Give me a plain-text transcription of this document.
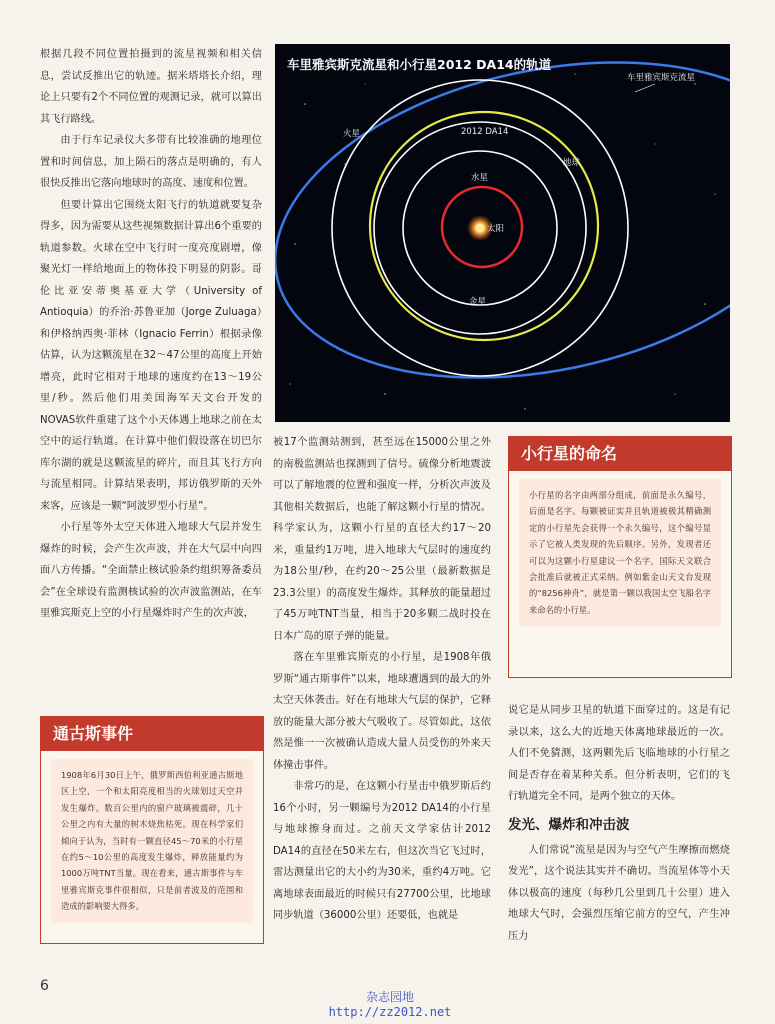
根据几段不同位置拍摄到的流星视频和相关信息，尝试反推出它的轨迹。据米塔塔长介绍，理论上只要有2个不同位置的观测记录，就可以算出其飞行路线。

由于行车记录仪大多带有比较准确的地理位置和时间信息，加上陨石的落点是明确的，有人很快反推出它落向地球时的高度、速度和位置。

但要计算出它围绕太阳飞行的轨道就要复杂得多，因为需要从这些视频数据计算出6个重要的轨道参数。火球在空中飞行时一度亮度剧增，像聚光灯一样给地面上的物体投下明显的阴影。哥伦比亚安蒂奥基亚大学（University of Antioquia）的乔治·苏鲁亚加（Jorge Zuluaga）和伊格纳西奥·菲林（Ignacio Ferrin）根据录像估算，认为这颗流星在32～47公里的高度上开始增亮，此时它相对于地球的速度约在13～19公里/秒。然后他们用美国海军天文台开发的NOVAS软件重建了这个小天体遇上地球之前在太空中的运行轨道。在计算中他们假设落在切巴尔库尔湖的就是这颗流星的碎片，而且其飞行方向与流星相同。计算结果表明，邦访俄罗斯的天外来客，应该是一颗“阿波罗型小行星”。

小行星等外太空天体进入地球大气层并发生爆炸的时候，会产生次声波，并在大气层中向四面八方传播。“全面禁止核试验条约组织筹备委员会”在全球设有监测核试验的次声波监测站，在车里雅宾斯克上空的小行星爆炸时产生的次声波，

车里雅宾斯克流星和小行星2012 DA14的轨道
车里雅宾斯克流星
火星	2012 DA14
地球
水星
太阳
金星

被17个监测站测到，甚至远在15000公里之外的南极监测站也探测到了信号。硫像分析地震波可以了解地震的位置和强度一样，分析次声波及其他相关数据后，也能了解这颗小行星的情况。科学家认为，这颗小行星的直径大约17～20米，重量约1万吨，进入地球大气层时的速度约为18公里/秒，在约20～25公里（最新数据是23.3公里）的高度发生爆炸。其释放的能量超过了45万吨TNT当量，相当于20多颗二战时投在日本广岛的原子弹的能量。

落在车里雅宾斯克的小行星，是1908年俄罗斯“通古斯事件”以来，地球遭遇到的最大的外太空天体袭击。好在有地球大气层的保护，它释放的能量大部分被大气吸收了。尽管如此，这依然是惟一一次被确认造成大量人员受伤的外来天体撞击事件。

非常巧的是，在这颗小行星击中俄罗斯后约16个小时，另一颗编号为2012 DA14的小行星与地球擦身而过。之前天文学家估计2012 DA14的直径在50米左右，但这次当它飞过时，雷达测量出它的大小约为30米，重约4万吨。它离地球表面最近的时候只有27700公里，比地球同步轨道（36000公里）还要低，也就是

小行星的命名
小行星的名字由两部分组成，前面是永久编号，后面是名字。每颗被证实并且轨道被极其精确测定的小行星先会获得一个永久编号，这个编号显示了它被人类发现的先后顺序。另外，发现者还可以为这颗小行星建议一个名字，国际天文联合会批准后就被正式采纳。例如紫金山天文台发现的“8256神舟”，就是第一颗以我国太空飞船名字来命名的小行星。

说它是从同步卫星的轨道下面穿过的。这是有记录以来，这么大的近地天体离地球最近的一次。人们不免猜测，这两颗先后飞临地球的小行星之间是否存在着某种关系。但分析表明，它们的飞行轨道完全不同，是两个独立的天体。

发光、爆炸和冲击波

人们常说“流星是因为与空气产生摩擦而燃烧发光”，这个说法其实并不确切。当流星体等小天体以极高的速度（每秒几公里到几十公里）进入地球大气时，会强烈压缩它前方的空气，产生冲压力

通古斯事件
1908年6月30日上午，俄罗斯西伯利亚通古斯地区上空，一个和太阳亮度相当的火球划过天空并发生爆炸。数百公里内的窗户玻璃被震碎，几十公里之内有大量的树木烧焦枯死。现在科学家们倾向于认为，当时有一颗直径45～70米的小行星在约5～10公里的高度发生爆炸，释放能量约为1000万吨TNT当量。现在看来，通古斯事件与车里雅宾斯克事件很相似，只是前者波及的范围和造成的影响要大得多。
6
杂志园地
http://zz2012.net
